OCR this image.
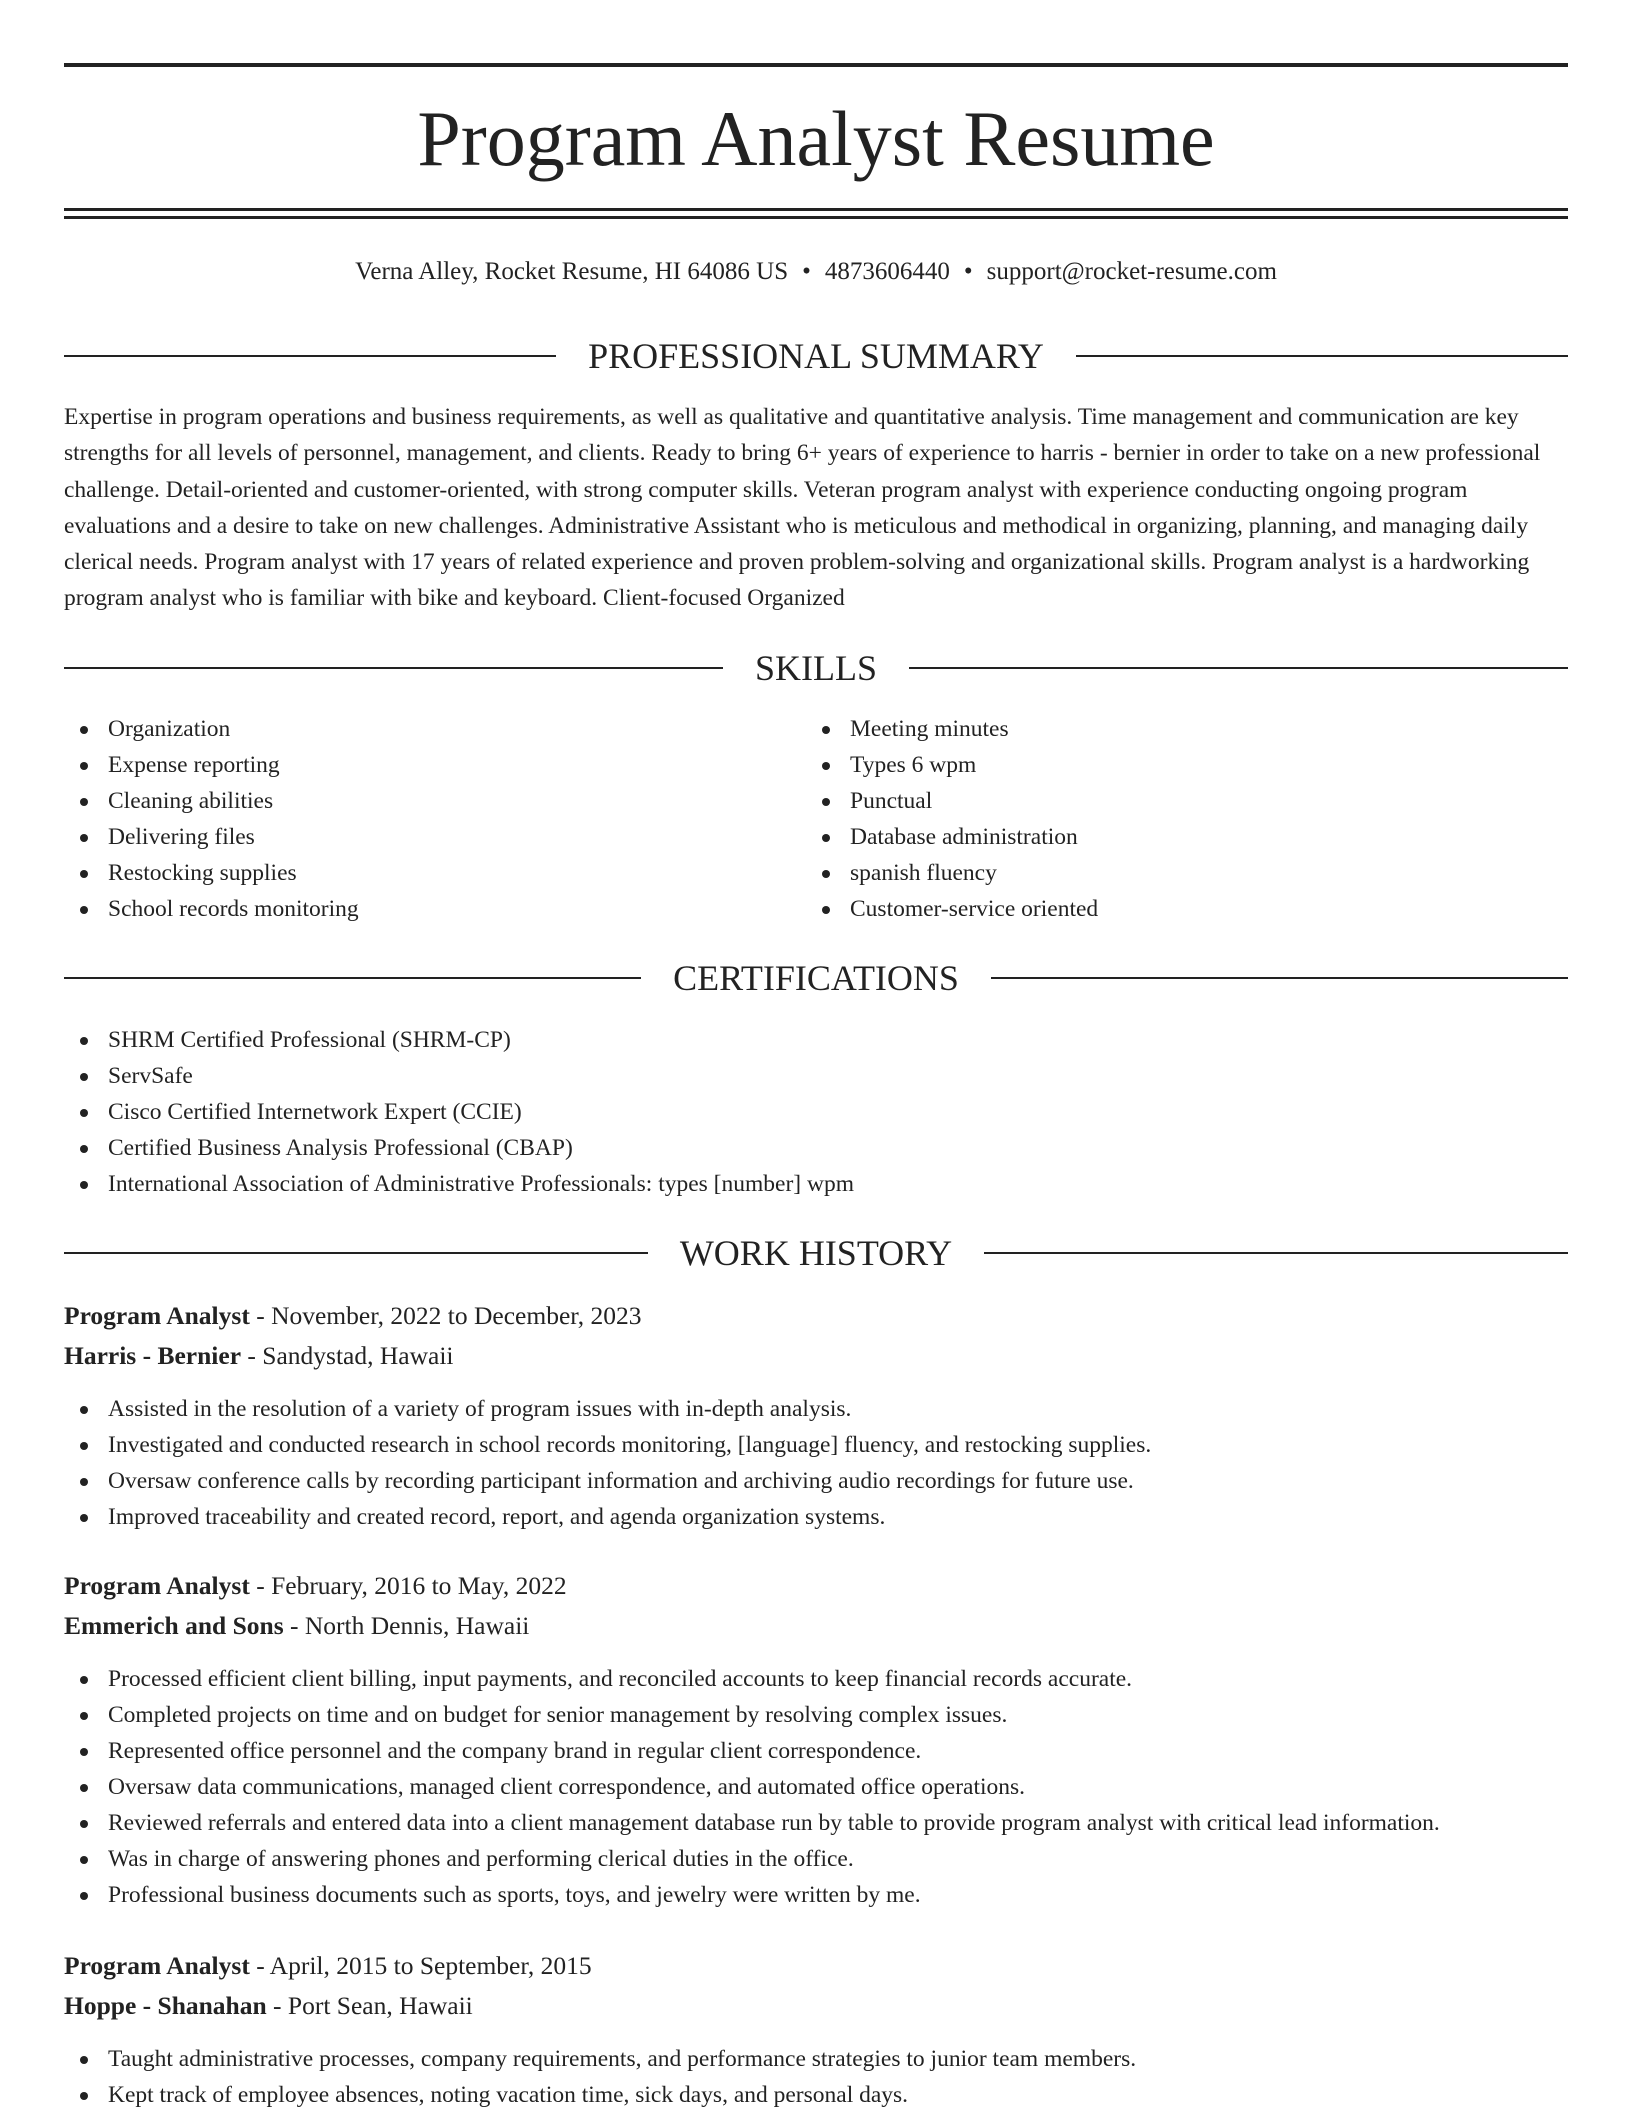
Program Analyst Resume
Verna Alley, Rocket Resume, HI 64086 US • 4873606440 • support@rocket-resume.com
PROFESSIONAL SUMMARY
Expertise in program operations and business requirements, as well as qualitative and quantitative analysis. Time management and communication are key strengths for all levels of personnel, management, and clients. Ready to bring 6+ years of experience to harris - bernier in order to take on a new professional challenge. Detail-oriented and customer-oriented, with strong computer skills. Veteran program analyst with experience conducting ongoing program evaluations and a desire to take on new challenges. Administrative Assistant who is meticulous and methodical in organizing, planning, and managing daily clerical needs. Program analyst with 17 years of related experience and proven problem-solving and organizational skills. Program analyst is a hardworking program analyst who is familiar with bike and keyboard. Client-focused Organized
SKILLS
Organization
Expense reporting
Cleaning abilities
Delivering files
Restocking supplies
School records monitoring
Meeting minutes
Types 6 wpm
Punctual
Database administration
spanish fluency
Customer-service oriented
CERTIFICATIONS
SHRM Certified Professional (SHRM-CP)
ServSafe
Cisco Certified Internetwork Expert (CCIE)
Certified Business Analysis Professional (CBAP)
International Association of Administrative Professionals: types [number] wpm
WORK HISTORY
Program Analyst - November, 2022 to December, 2023
Harris - Bernier - Sandystad, Hawaii
Assisted in the resolution of a variety of program issues with in-depth analysis.
Investigated and conducted research in school records monitoring, [language] fluency, and restocking supplies.
Oversaw conference calls by recording participant information and archiving audio recordings for future use.
Improved traceability and created record, report, and agenda organization systems.
Program Analyst - February, 2016 to May, 2022
Emmerich and Sons - North Dennis, Hawaii
Processed efficient client billing, input payments, and reconciled accounts to keep financial records accurate.
Completed projects on time and on budget for senior management by resolving complex issues.
Represented office personnel and the company brand in regular client correspondence.
Oversaw data communications, managed client correspondence, and automated office operations.
Reviewed referrals and entered data into a client management database run by table to provide program analyst with critical lead information.
Was in charge of answering phones and performing clerical duties in the office.
Professional business documents such as sports, toys, and jewelry were written by me.
Program Analyst - April, 2015 to September, 2015
Hoppe - Shanahan - Port Sean, Hawaii
Taught administrative processes, company requirements, and performance strategies to junior team members.
Kept track of employee absences, noting vacation time, sick days, and personal days.
